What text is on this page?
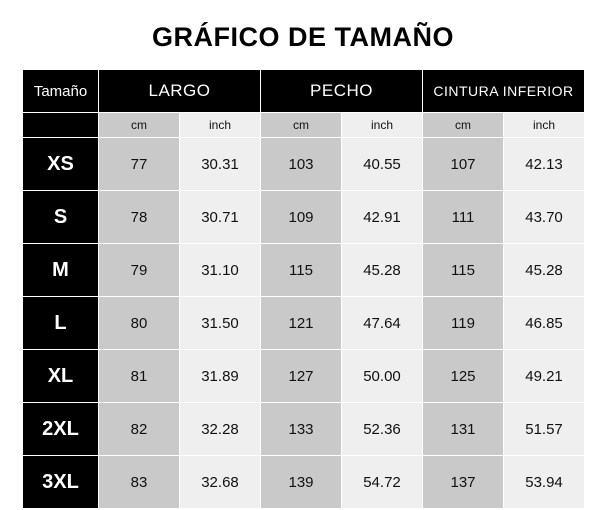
GRÁFICO DE TAMAÑO
Tamaño	LARGO		PECHO		CINTURA INFERIOR	
	cm	inch	cm	inch	cm	inch
XS	77	30.31	103	40.55	107	42.13
S	78	30.71	109	42.91	111	43.70
M	79	31.10	115	45.28	115	45.28
L	80	31.50	121	47.64	119	46.85
XL	81	31.89	127	50.00	125	49.21
2XL	82	32.28	133	52.36	131	51.57
3XL	83	32.68	139	54.72	137	53.94
